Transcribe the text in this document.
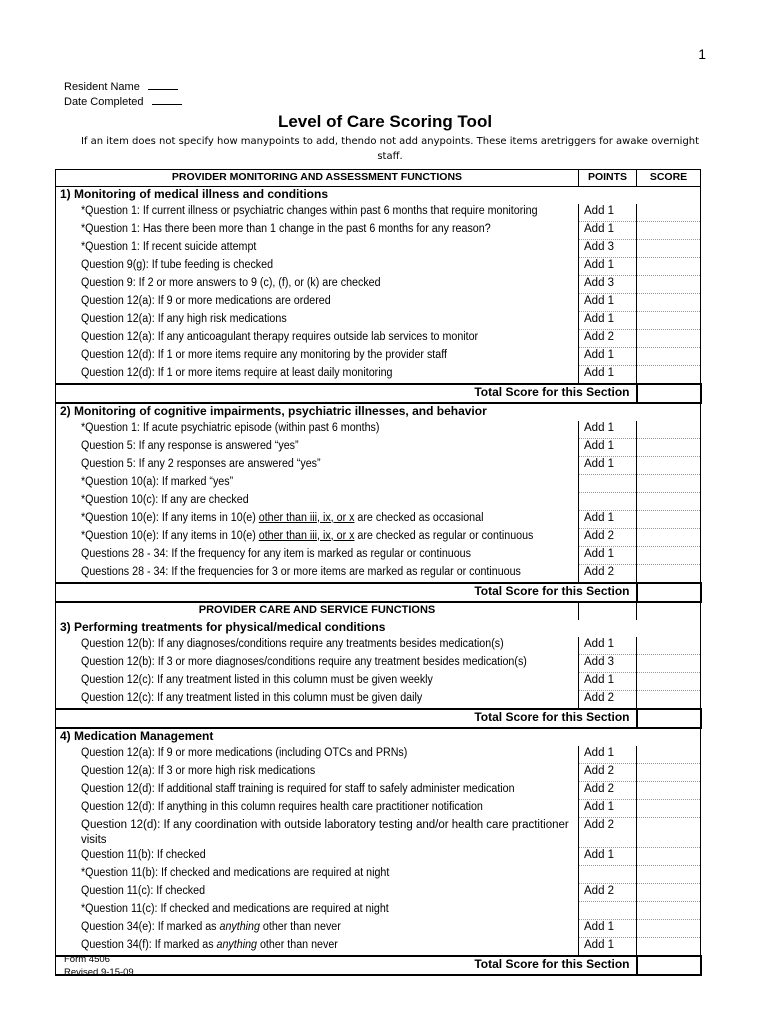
1
Resident Name
Date Completed
Level of Care Scoring Tool
If an item does not specify how manypoints to add, thendo not add anypoints. These items aretriggers for awake overnight staff.
PROVIDER MONITORING AND ASSESSMENT FUNCTIONS	POINTS	SCORE
1) Monitoring of medical illness and conditions		
*Question 1: If current illness or psychiatric changes within past 6 months that require monitoring	Add 1	
*Question 1: Has there been more than 1 change in the past 6 months for any reason?	Add 1	
*Question 1: If recent suicide attempt	Add 3	
Question 9(g): If tube feeding is checked	Add 1	
Question 9: If 2 or more answers to 9 (c), (f), or (k) are checked	Add 3	
Question 12(a): If 9 or more medications are ordered	Add 1	
Question 12(a): If any high risk medications	Add 1	
Question 12(a): If any anticoagulant therapy requires outside lab services to monitor	Add 2	
Question 12(d): If 1 or more items require any monitoring by the provider staff	Add 1	
Question 12(d): If 1 or more items require at least daily monitoring	Add 1	
Total Score for this Section		
2) Monitoring of cognitive impairments, psychiatric illnesses, and behavior		
*Question 1: If acute psychiatric episode (within past 6 months)	Add 1	
Question 5: If any response is answered “yes”	Add 1	
Question 5: If any 2 responses are answered “yes”	Add 1	
*Question 10(a): If marked “yes”		
*Question 10(c): If any are checked		
*Question 10(e): If any items in 10(e) other than iii, ix, or x are checked as occasional	Add 1	
*Question 10(e): If any items in 10(e) other than iii, ix, or x are checked as regular or continuous	Add 2	
Questions 28 - 34: If the frequency for any item is marked as regular or continuous	Add 1	
Questions 28 - 34: If the frequencies for 3 or more items are marked as regular or continuous	Add 2	
Total Score for this Section		
PROVIDER CARE AND SERVICE FUNCTIONS		
3) Performing treatments for physical/medical conditions		
Question 12(b): If any diagnoses/conditions require any treatments besides medication(s)	Add 1	
Question 12(b): If 3 or more diagnoses/conditions require any treatment besides medication(s)	Add 3	
Question 12(c): If any treatment listed in this column must be given weekly	Add 1	
Question 12(c): If any treatment listed in this column must be given daily	Add 2	
Total Score for this Section		
4) Medication Management		
Question 12(a): If 9 or more medications (including OTCs and PRNs)	Add 1	
Question 12(a): If 3 or more high risk medications	Add 2	
Question 12(d): If additional staff training is required for staff to safely administer medication	Add 2	
Question 12(d): If anything in this column requires health care practitioner notification	Add 1	
Question 12(d): If any coordination with outside laboratory testing and/or health care practitioner visits	Add 2	
Question 11(b): If checked	Add 1	
*Question 11(b): If checked and medications are required at night		
Question 11(c): If checked	Add 2	
*Question 11(c): If checked and medications are required at night		
Question 34(e): If marked as anything other than never	Add 1	
Question 34(f): If marked as anything other than never	Add 1	
Total Score for this Section		
Form 4506
Revised 9-15-09
